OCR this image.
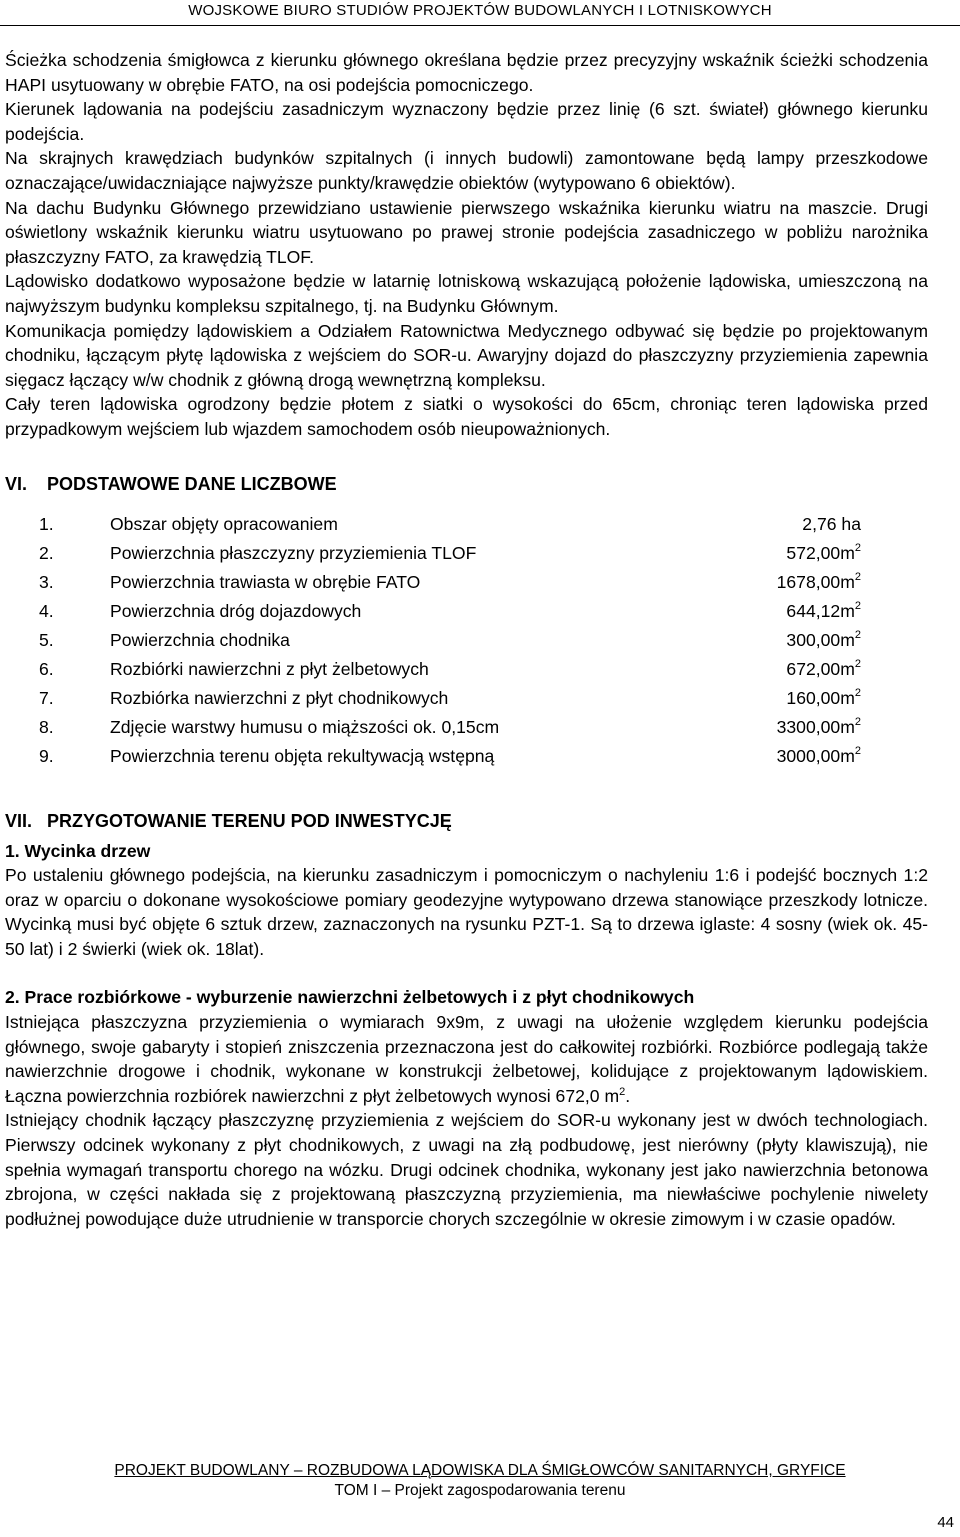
WOJSKOWE BIURO STUDIÓW PROJEKTÓW BUDOWLANYCH I LOTNISKOWYCH

Ścieżka schodzenia śmigłowca z kierunku głównego określana będzie przez precyzyjny wskaźnik ścieżki schodzenia HAPI usytuowany w obrębie FATO, na osi podejścia pomocniczego.

Kierunek lądowania na podejściu zasadniczym wyznaczony będzie przez linię (6 szt. świateł) głównego kierunku podejścia.

Na skrajnych krawędziach budynków szpitalnych (i innych budowli) zamontowane będą lampy przeszkodowe oznaczające/uwidaczniające najwyższe punkty/krawędzie obiektów (wytypowano 6 obiektów).

Na dachu Budynku Głównego przewidziano ustawienie pierwszego wskaźnika kierunku wiatru na maszcie. Drugi oświetlony wskaźnik kierunku wiatru usytuowano po prawej stronie podejścia zasadniczego w pobliżu narożnika płaszczyzny FATO, za krawędzią TLOF.

Lądowisko dodatkowo wyposażone będzie w latarnię lotniskową wskazującą położenie lądowiska, umieszczoną na najwyższym budynku kompleksu szpitalnego, tj. na Budynku Głównym.

Komunikacja pomiędzy lądowiskiem a Odziałem Ratownictwa Medycznego odbywać się będzie po projektowanym chodniku, łączącym płytę lądowiska z wejściem do SOR-u. Awaryjny dojazd do płaszczyzny przyziemienia zapewnia sięgacz łączący w/w chodnik z główną drogą wewnętrzną kompleksu.

Cały teren lądowiska ogrodzony będzie płotem z siatki o wysokości do 65cm, chroniąc teren lądowiska przed przypadkowym wejściem lub wjazdem samochodem osób nieupoważnionych.

VI. PODSTAWOWE DANE LICZBOWE
1.	Obszar objęty opracowaniem	2,76 ha
2.	Powierzchnia płaszczyzny przyziemienia TLOF	$572,00m^2$
3.	Powierzchnia trawiasta w obrębie FATO	$1678,00m^2$
4.	Powierzchnia dróg dojazdowych	$644,12m^2$
5.	Powierzchnia chodnika	$300,00m^2$
6.	Rozbiórki nawierzchni z płyt żelbetowych	$672,00m^2$
7.	Rozbiórka nawierzchni z płyt chodnikowych	$160,00m^2$
8.	Zdjęcie warstwy humusu o miąższości ok. 0,15cm	$3300,00m^2$
9.	Powierzchnia terenu objęta rekultywacją wstępną	$3000,00m^2$
VII. PRZYGOTOWANIE TERENU POD INWESTYCJĘ
1. Wycinka drzew

Po ustaleniu głównego podejścia, na kierunku zasadniczym i pomocniczym o nachyleniu 1:6 i podejść bocznych 1:2 oraz w oparciu o dokonane wysokościowe pomiary geodezyjne wytypowano drzewa stanowiące przeszkody lotnicze. Wycinką musi być objęte 6 sztuk drzew, zaznaczonych na rysunku PZT-1. Są to drzewa iglaste: 4 sosny (wiek ok. 45-50 lat) i 2 świerki (wiek ok. 18lat).

2. Prace rozbiórkowe - wyburzenie nawierzchni żelbetowych i z płyt chodnikowych

Istniejąca płaszczyzna przyziemienia o wymiarach 9x9m, z uwagi na ułożenie względem kierunku podejścia głównego, swoje gabaryty i stopień zniszczenia przeznaczona jest do całkowitej rozbiórki. Rozbiórce podlegają także nawierzchnie drogowe i chodnik, wykonane w konstrukcji żelbetowej, kolidujące z projektowanym lądowiskiem. Łączna powierzchnia rozbiórek nawierzchni z płyt żelbetowych wynosi 672,0 $m^2$.

Istniejący chodnik łączący płaszczyznę przyziemienia z wejściem do SOR-u wykonany jest w dwóch technologiach. Pierwszy odcinek wykonany z płyt chodnikowych, z uwagi na złą podbudowę, jest nierówny (płyty klawiszują), nie spełnia wymagań transportu chorego na wózku. Drugi odcinek chodnika, wykonany jest jako nawierzchnia betonowa zbrojona, w części nakłada się z projektowaną płaszczyzną przyziemienia, ma niewłaściwe pochylenie niwelety podłużnej powodujące duże utrudnienie w transporcie chorych szczególnie w okresie zimowym i w czasie opadów.

PROJEKT BUDOWLANY – ROZBUDOWA LĄDOWISKA DLA ŚMIGŁOWCÓW SANITARNYCH, GRYFICE
TOM I – Projekt zagospodarowania terenu
44
